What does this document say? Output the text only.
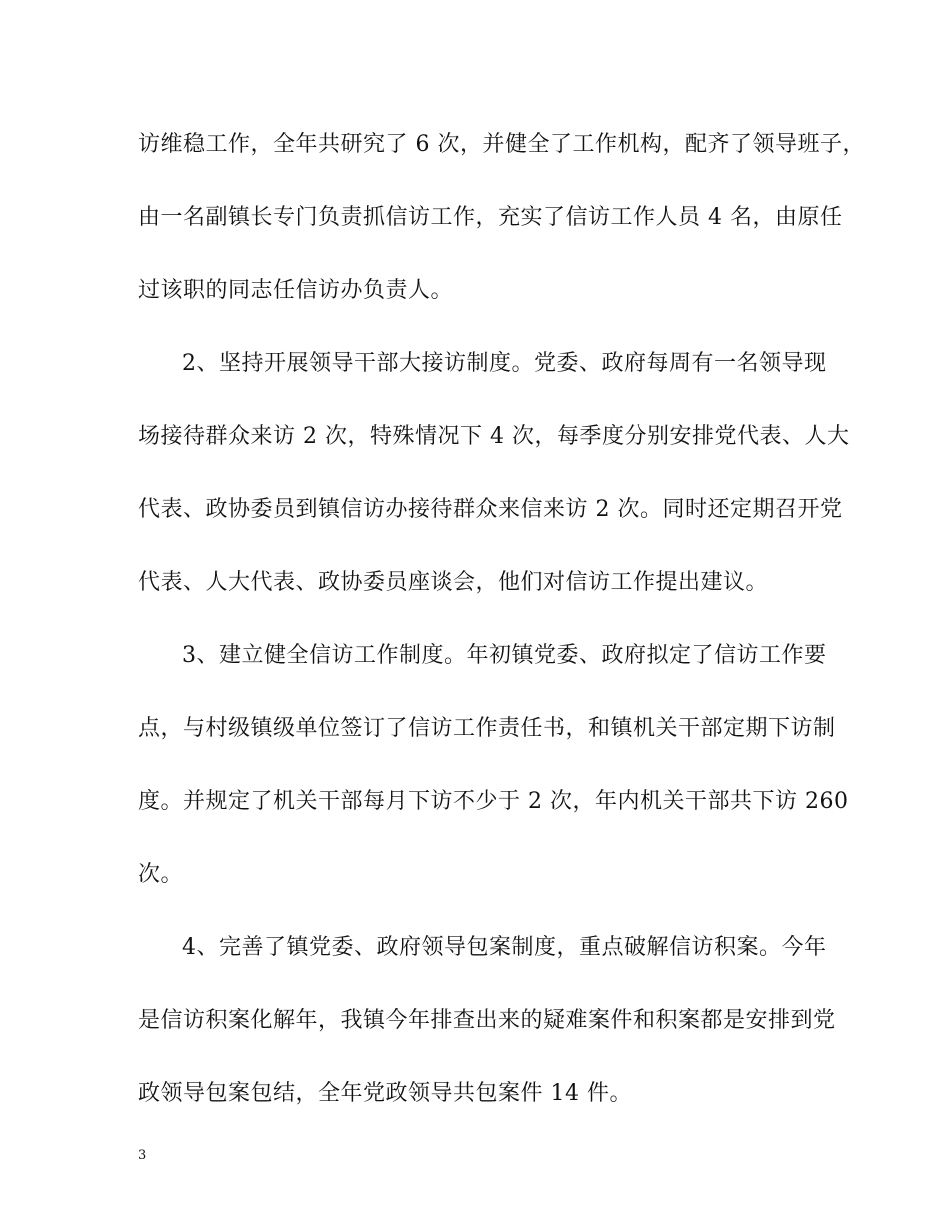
访维稳工作，全年共研究了 6 次，并健全了工作机构，配齐了领导班子，
由一名副镇长专门负责抓信访工作，充实了信访工作人员 4 名，由原任
过该职的同志任信访办负责人。
2、坚持开展领导干部大接访制度。党委、政府每周有一名领导现
场接待群众来访 2 次，特殊情况下 4 次，每季度分别安排党代表、人大
代表、政协委员到镇信访办接待群众来信来访 2 次。同时还定期召开党
代表、人大代表、政协委员座谈会，他们对信访工作提出建议。
3、建立健全信访工作制度。年初镇党委、政府拟定了信访工作要
点，与村级镇级单位签订了信访工作责任书，和镇机关干部定期下访制
度。并规定了机关干部每月下访不少于 2 次，年内机关干部共下访 260
次。
4、完善了镇党委、政府领导包案制度，重点破解信访积案。今年
是信访积案化解年，我镇今年排查出来的疑难案件和积案都是安排到党
政领导包案包结，全年党政领导共包案件 14 件。
3
